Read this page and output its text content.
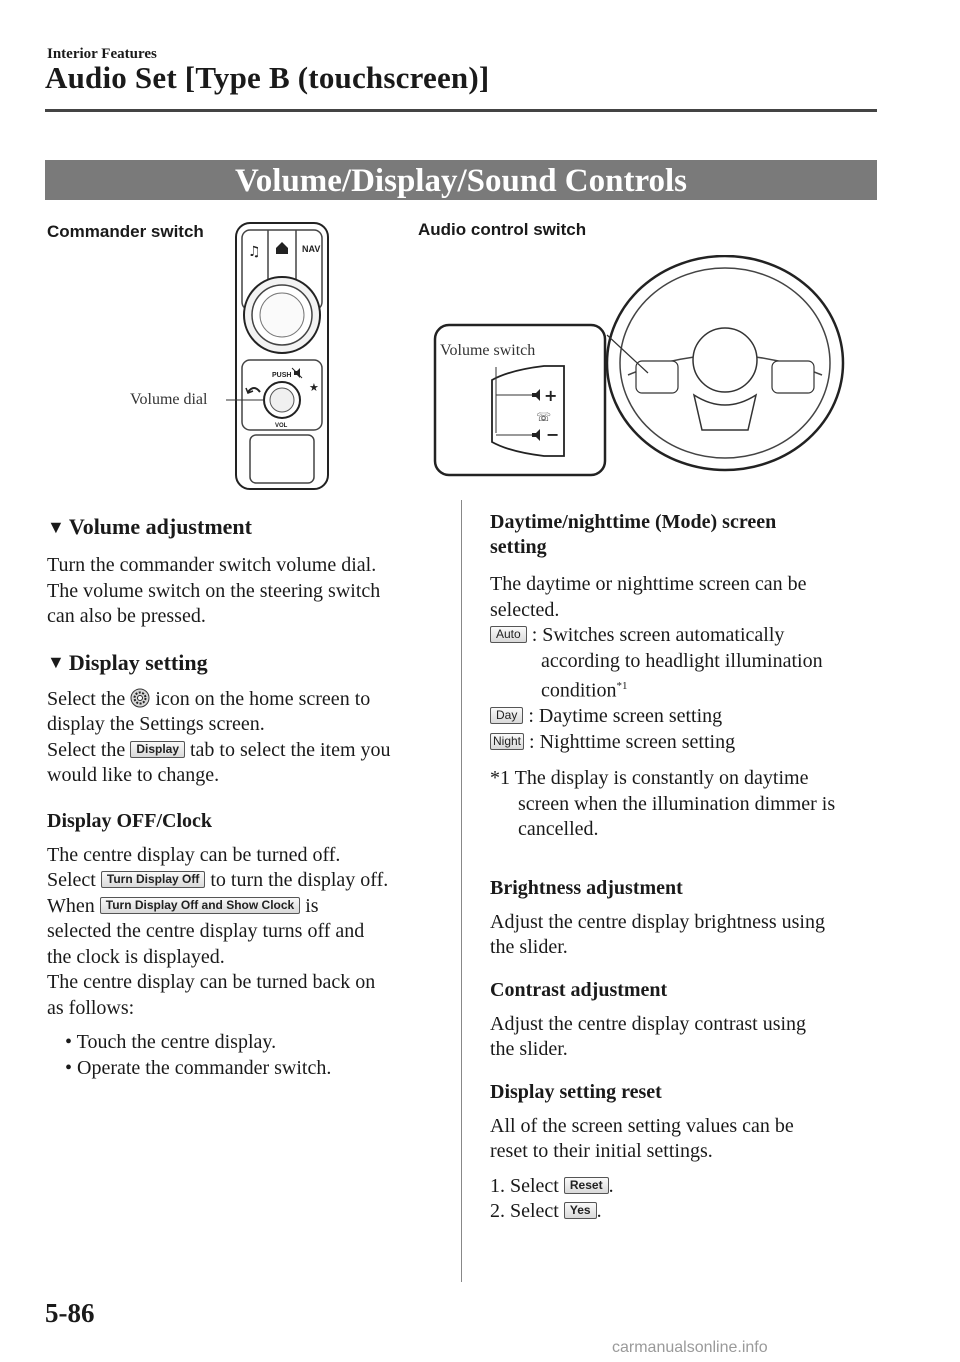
Interior Features
Audio Set [Type B (touchscreen)]
Volume/Display/Sound Controls
Commander switch	Audio control switch
♫	NAV
PUSH
★
VOL
Volume dial	+
☏
−
Volume switch
▼ Volume adjustment
Turn the commander switch volume dial.
The volume switch on the steering switch
can also be pressed.
▼ Display setting
Select the icon on the home screen to
display the Settings screen.
Select the Display tab to select the item you
would like to change.
Display OFF/Clock
The centre display can be turned off.
Select Turn Display Off to turn the display off.
When Turn Display Off and Show Clock is
selected the centre display turns off and
the clock is displayed.
The centre display can be turned back on
as follows:
• Touch the centre display.
• Operate the commander switch.
Daytime/nighttime (Mode) screen
setting
The daytime or nighttime screen can be
selected.
Auto : Switches screen automatically
according to headlight illumination
condition$^{*1}$
Day : Daytime screen setting
Night : Nighttime screen setting
*1 The display is constantly on daytime
screen when the illumination dimmer is
cancelled.
Brightness adjustment
Adjust the centre display brightness using
the slider.
Contrast adjustment
Adjust the centre display contrast using
the slider.
Display setting reset
All of the screen setting values can be
reset to their initial settings.
1. Select Reset .
2. Select Yes .
5-86
carmanualsonline.info
